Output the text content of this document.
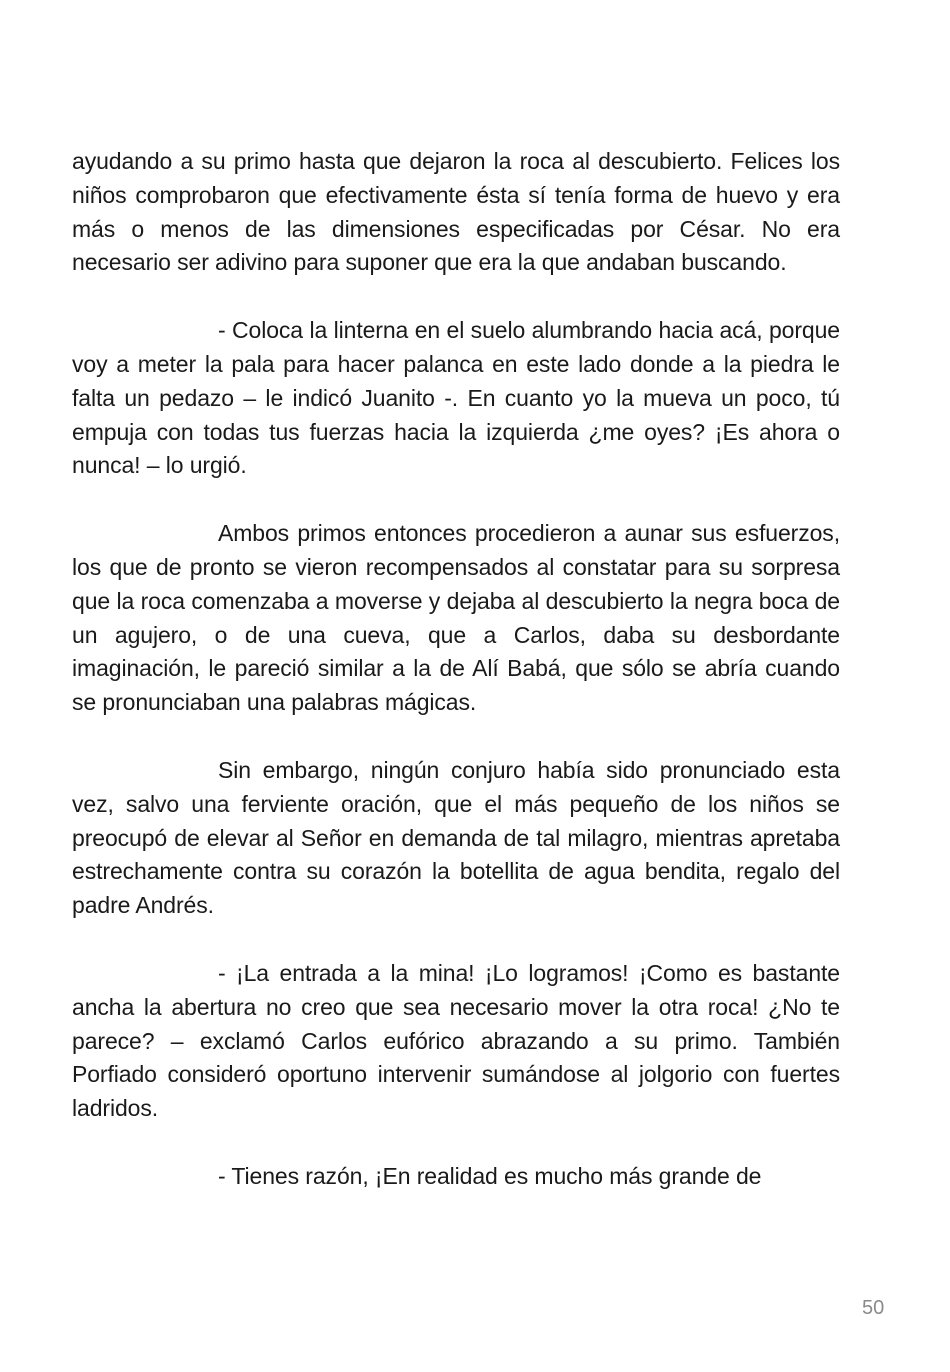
ayudando a su primo hasta que dejaron la roca al descubierto. Felices los niños comprobaron que efectivamente ésta sí tenía forma de huevo y era más o menos de las dimensiones especificadas por César. No era necesario ser adivino para suponer que era la que andaban buscando.

- Coloca la linterna en el suelo alumbrando hacia acá, porque voy a meter la pala para hacer palanca en este lado donde a la piedra le falta un pedazo – le indicó Juanito -. En cuanto yo la mueva un poco, tú empuja con todas tus fuerzas hacia la izquierda ¿me oyes? ¡Es ahora o nunca! – lo urgió.

Ambos primos entonces procedieron a aunar sus esfuerzos, los que de pronto se vieron recompensados al constatar para su sorpresa que la roca comenzaba a moverse y dejaba al descubierto la negra boca de un agujero, o de una cueva, que a Carlos, daba su desbordante imaginación, le pareció similar a la de Alí Babá, que sólo se abría cuando se pronunciaban una palabras mágicas.

Sin embargo, ningún conjuro había sido pronunciado esta vez, salvo una ferviente oración, que el más pequeño de los niños se preocupó de elevar al Señor en demanda de tal milagro, mientras apretaba estrechamente contra su corazón la botellita de agua bendita, regalo del padre Andrés.

- ¡La entrada a la mina! ¡Lo logramos! ¡Como es bastante ancha la abertura no creo que sea necesario mover la otra roca! ¿No te parece? – exclamó Carlos eufórico abrazando a su primo. También Porfiado consideró oportuno intervenir sumándose al jolgorio con fuertes ladridos.

- Tienes razón, ¡En realidad es mucho más grande de

50
